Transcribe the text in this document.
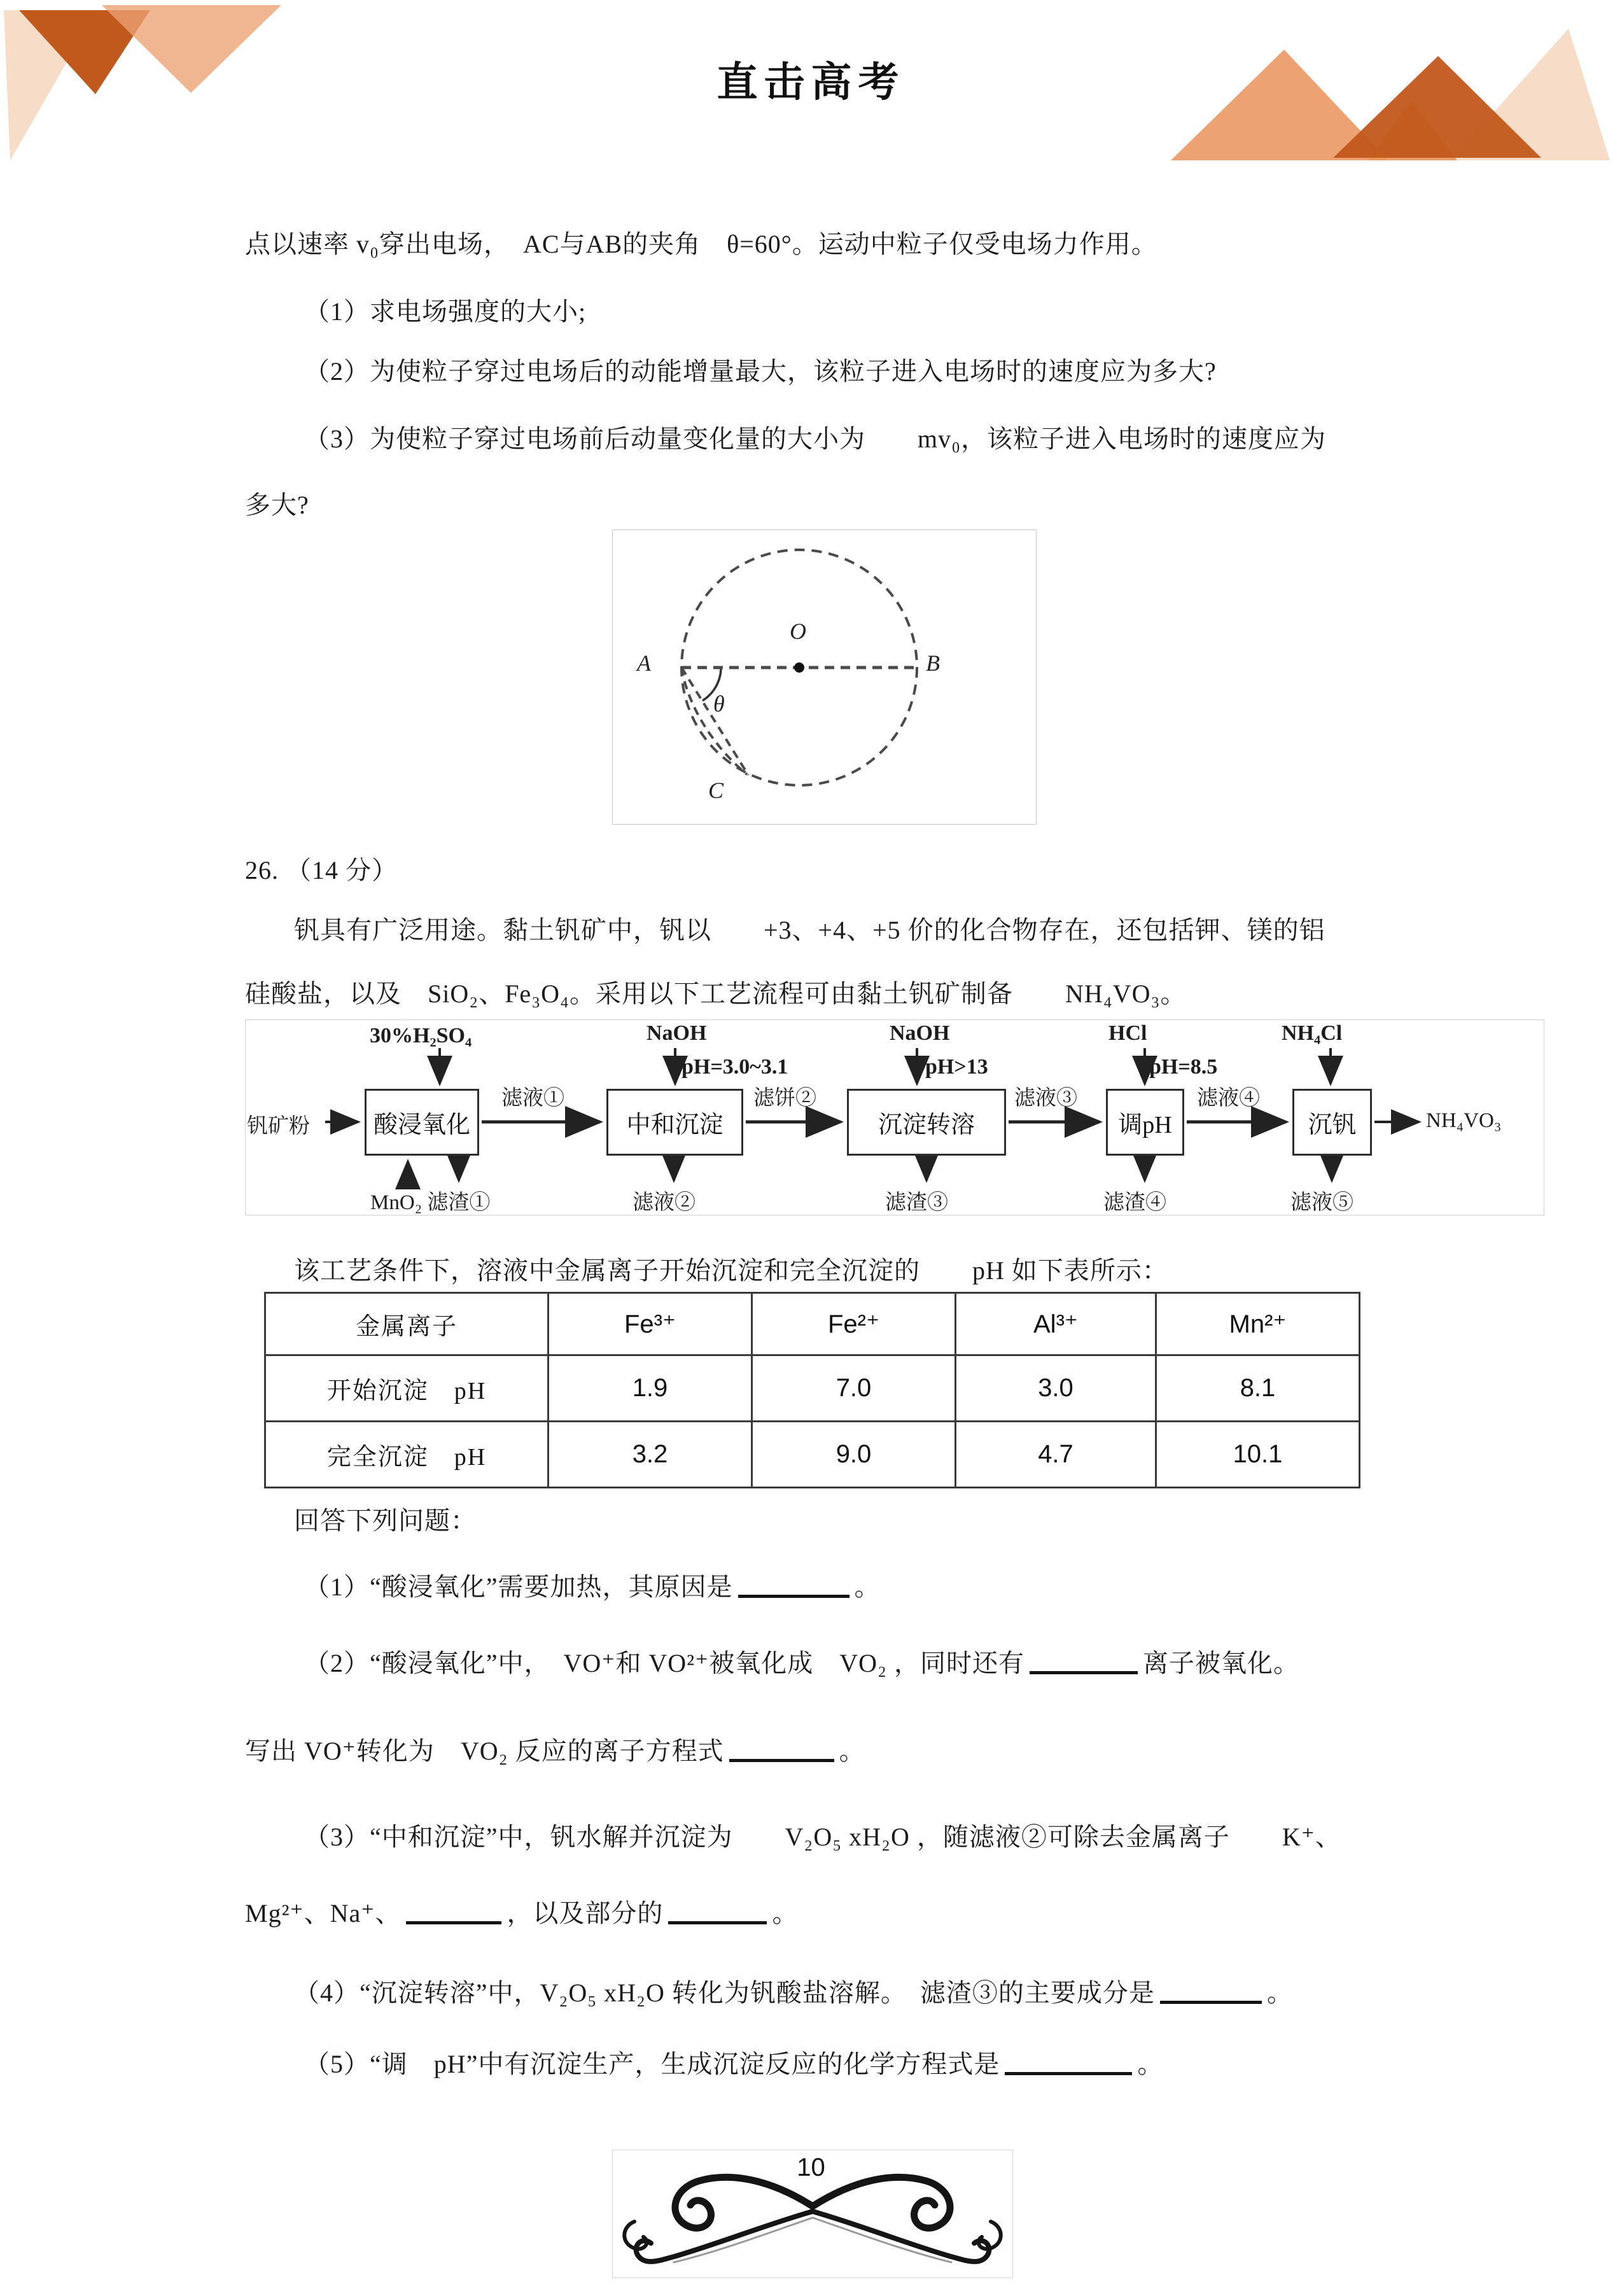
直击高考
点以速率 v₀穿出电场，　AC与AB的夹角　θ=60°。运动中粒子仅受电场力作用。
（1）求电场强度的大小;
（2）为使粒子穿过电场后的动能增量最大，该粒子进入电场时的速度应为多大?
（3）为使粒子穿过电场前后动量变化量的大小为　　mv₀，该粒子进入电场时的速度应为
多大?
O
A	B
C
θ
26. （14 分）
钒具有广泛用途。黏土钒矿中，钒以　　+3、+4、+5 价的化合物存在，还包括钾、镁的铝
硅酸盐，以及　SiO₂、Fe₃O₄。采用以下工艺流程可由黏土钒矿制备　　NH₄VO₃。
钒矿粉	酸浸氧化	中和沉淀	沉淀转溶	调pH	沉钒	NH₄VO₃
30%H₂SO₄	NaOH	NaOH	HCl	NH₄Cl
pH=3.0~3.1	pH>13	pH=8.5
滤液①	滤饼②	滤液③	滤液④
MnO₂ 滤渣①	滤液②	滤渣③	滤渣④	滤液⑤
该工艺条件下，溶液中金属离子开始沉淀和完全沉淀的　　pH 如下表所示：
金属离子	Fe³⁺	Fe²⁺	Al³⁺	Mn²⁺
开始沉淀　pH	1.9	7.0	3.0	8.1
完全沉淀　pH	3.2	9.0	4.7	10.1
回答下列问题：
（1）“酸浸氧化”需要加热，其原因是	。
（2）“酸浸氧化”中，　VO⁺和 VO²⁺被氧化成　VO₂ ，同时还有	离子被氧化。
写出 VO⁺转化为　VO₂ 反应的离子方程式	。
（3）“中和沉淀”中，钒水解并沉淀为　　V₂O₅ xH₂O ，随滤液②可除去金属离子　　K⁺、
Mg²⁺、Na⁺、	，以及部分的	。
（4）“沉淀转溶”中，V₂O₅ xH₂O 转化为钒酸盐溶解。　滤渣③的主要成分是	。
（5）“调　pH”中有沉淀生产，生成沉淀反应的化学方程式是	。
10
